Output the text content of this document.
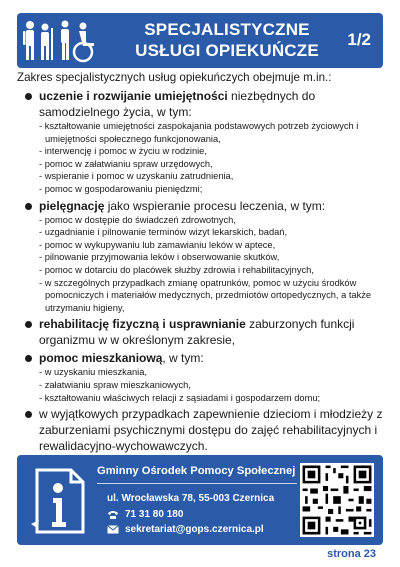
SPECJALISTYCZNE
USŁUGI OPIEKUŃCZE
1/2
Zakres specjalistycznych usług opiekuńczych obejmuje m.in.:
uczenie i rozwijanie umiejętności niezbędnych do samodzielnego życia, w tym:
- kształtowanie umiejętności zaspokajania podstawowych potrzeb życiowych i umiejętności społecznego funkcjonowania,
- interwencję i pomoc w życiu w rodzinie,
- pomoc w załatwianiu spraw urzędowych,
- wspieranie i pomoc w uzyskaniu zatrudnienia,
- pomoc w gospodarowaniu pieniędzmi;
pielęgnację jako wspieranie procesu leczenia, w tym:
- pomoc w dostępie do świadczeń zdrowotnych,
- uzgadnianie i pilnowanie terminów wizyt lekarskich, badań,
- pomoc w wykupywaniu lub zamawianiu leków w aptece,
- pilnowanie przyjmowania leków i obserwowanie skutków,
- pomoc w dotarciu do placówek służby zdrowia i rehabilitacyjnych,
- w szczególnych przypadkach zmianę opatrunków, pomoc w użyciu środków pomocniczych i materiałów medycznych, przedmiotów ortopedycznych, a także utrzymaniu higieny,
rehabilitację fizyczną i usprawnianie zaburzonych funkcji organizmu w w określonym zakresie,
pomoc mieszkaniową, w tym:
- w uzyskaniu mieszkania,
- załatwianiu spraw mieszkaniowych,
- kształtowaniu właściwych relacji z sąsiadami i gospodarzem domu;
w wyjątkowych przypadkach zapewnienie dzieciom i młodzieży z zaburzeniami psychicznymi dostępu do zajęć rehabilitacyjnych i rewalidacyjno-wychowawczych.
Gminny Ośrodek Pomocy Społecznej
ul. Wrocławska 78, 55-003 Czernica
71 31 80 180
sekretariat@gops.czernica.pl
strona 23
